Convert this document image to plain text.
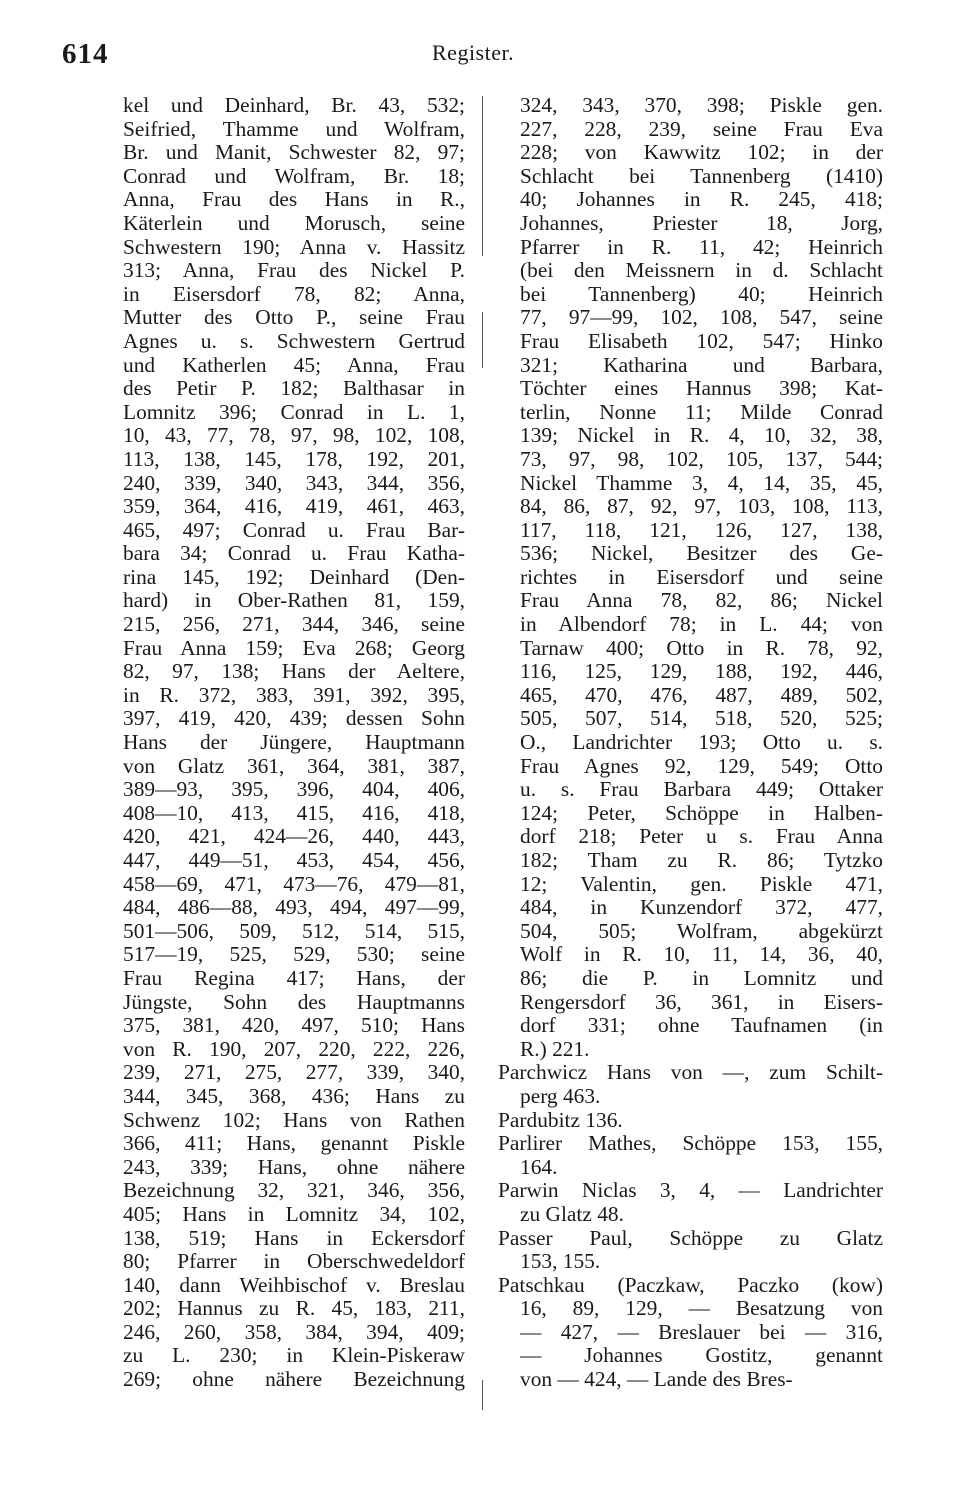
614	Register.
kel und Deinhard, Br. 43, 532;
Seifried, Thamme und Wolfram,
Br. und Manit, Schwester 82, 97;
Conrad und Wolfram, Br. 18;
Anna, Frau des Hans in R.,
Käterlein und Morusch, seine
Schwestern 190; Anna v. Hassitz
313; Anna, Frau des Nickel P.
in Eisersdorf 78, 82; Anna,
Mutter des Otto P., seine Frau
Agnes u. s. Schwestern Gertrud
und Katherlen 45; Anna, Frau
des Petir P. 182; Balthasar in
Lomnitz 396; Conrad in L. 1,
10, 43, 77, 78, 97, 98, 102, 108,
113, 138, 145, 178, 192, 201,
240, 339, 340, 343, 344, 356,
359, 364, 416, 419, 461, 463,
465, 497; Conrad u. Frau Bar-
bara 34; Conrad u. Frau Katha-
rina 145, 192; Deinhard (Den-
hard) in Ober-Rathen 81, 159,
215, 256, 271, 344, 346, seine
Frau Anna 159; Eva 268; Georg
82, 97, 138; Hans der Aeltere,
in R. 372, 383, 391, 392, 395,
397, 419, 420, 439; dessen Sohn
Hans der Jüngere, Hauptmann
von Glatz 361, 364, 381, 387,
389—93, 395, 396, 404, 406,
408—10, 413, 415, 416, 418,
420, 421, 424—26, 440, 443,
447, 449—51, 453, 454, 456,
458—69, 471, 473—76, 479—81,
484, 486—88, 493, 494, 497—99,
501—506, 509, 512, 514, 515,
517—19, 525, 529, 530; seine
Frau Regina 417; Hans, der
Jüngste, Sohn des Hauptmanns
375, 381, 420, 497, 510; Hans
von R. 190, 207, 220, 222, 226,
239, 271, 275, 277, 339, 340,
344, 345, 368, 436; Hans zu
Schwenz 102; Hans von Rathen
366, 411; Hans, genannt Piskle
243, 339; Hans, ohne nähere
Bezeichnung 32, 321, 346, 356,
405; Hans in Lomnitz 34, 102,
138, 519; Hans in Eckersdorf
80; Pfarrer in Oberschwedeldorf
140, dann Weihbischof v. Breslau
202; Hannus zu R. 45, 183, 211,
246, 260, 358, 384, 394, 409;
zu L. 230; in Klein-Piskeraw
269; ohne nähere Bezeichnung
324, 343, 370, 398; Piskle gen.
227, 228, 239, seine Frau Eva
228; von Kawwitz 102; in der
Schlacht bei Tannenberg (1410)
40; Johannes in R. 245, 418;
Johannes, Priester 18, Jorg,
Pfarrer in R. 11, 42; Heinrich
(bei den Meissnern in d. Schlacht
bei Tannenberg) 40; Heinrich
77, 97—99, 102, 108, 547, seine
Frau Elisabeth 102, 547; Hinko
321; Katharina und Barbara,
Töchter eines Hannus 398; Kat-
terlin, Nonne 11; Milde Conrad
139; Nickel in R. 4, 10, 32, 38,
73, 97, 98, 102, 105, 137, 544;
Nickel Thamme 3, 4, 14, 35, 45,
84, 86, 87, 92, 97, 103, 108, 113,
117, 118, 121, 126, 127, 138,
536; Nickel, Besitzer des Ge-
richtes in Eisersdorf und seine
Frau Anna 78, 82, 86; Nickel
in Albendorf 78; in L. 44; von
Tarnaw 400; Otto in R. 78, 92,
116, 125, 129, 188, 192, 446,
465, 470, 476, 487, 489, 502,
505, 507, 514, 518, 520, 525;
O., Landrichter 193; Otto u. s.
Frau Agnes 92, 129, 549; Otto
u. s. Frau Barbara 449; Ottaker
124; Peter, Schöppe in Halben-
dorf 218; Peter u s. Frau Anna
182; Tham zu R. 86; Tytzko
12; Valentin, gen. Piskle 471,
484, in Kunzendorf 372, 477,
504, 505; Wolfram, abgekürzt
Wolf in R. 10, 11, 14, 36, 40,
86; die P. in Lomnitz und
Rengersdorf 36, 361, in Eisers-
dorf 331; ohne Taufnamen (in
R.) 221.
Parchwicz Hans von —, zum Schilt-
perg 463.
Pardubitz 136.
Parlirer Mathes, Schöppe 153, 155,
164.
Parwin Niclas 3, 4, — Landrichter
zu Glatz 48.
Passer Paul, Schöppe zu Glatz
153, 155.
Patschkau (Paczkaw, Paczko (kow)
16, 89, 129, — Besatzung von
— 427, — Breslauer bei — 316,
— Johannes Gostitz, genannt
von — 424, — Lande des Bres-
